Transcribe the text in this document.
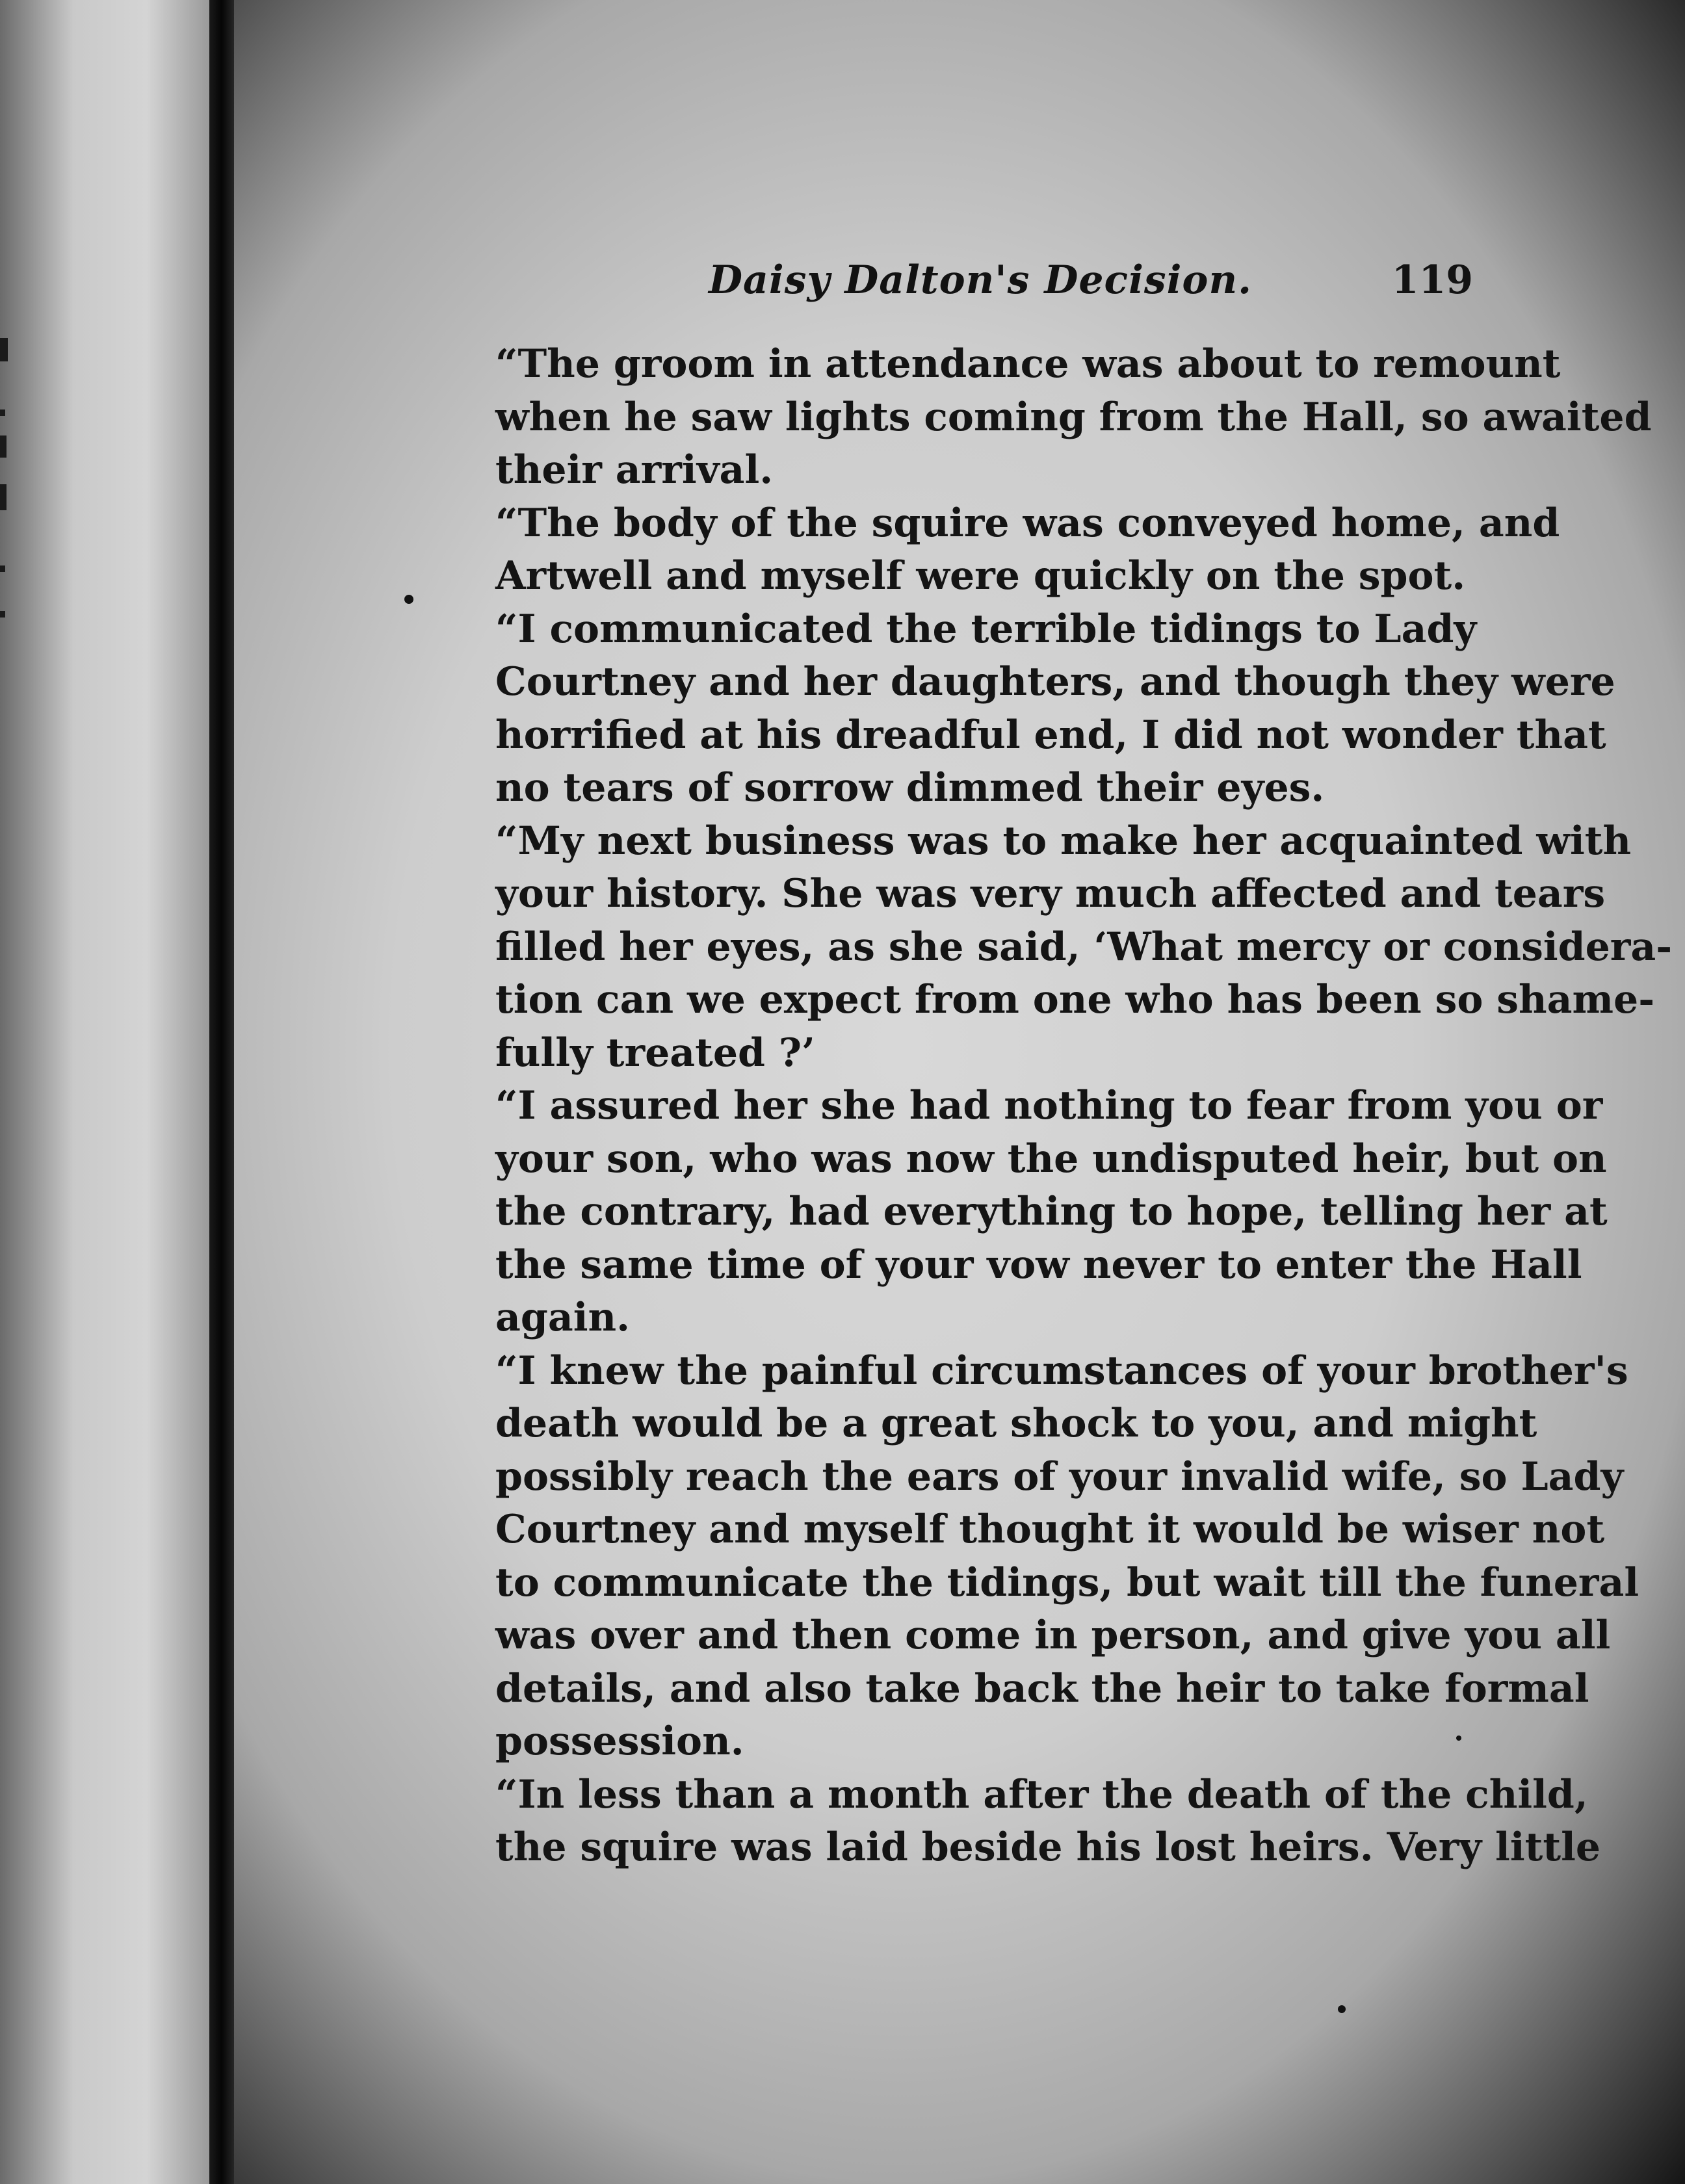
Daisy Dalton's Decision.	119

“The groom in attendance was about to remount
when he saw lights coming from the Hall, so awaited
their arrival.

“The body of the squire was conveyed home, and
Artwell and myself were quickly on the spot.

“I communicated the terrible tidings to Lady
Courtney and her daughters, and though they were
horrified at his dreadful end, I did not wonder that
no tears of sorrow dimmed their eyes.

“My next business was to make her acquainted with
your history. She was very much affected and tears
filled her eyes, as she said, ‘What mercy or considera-
tion can we expect from one who has been so shame-
fully treated ?’

“I assured her she had nothing to fear from you or
your son, who was now the undisputed heir, but on
the contrary, had everything to hope, telling her at
the same time of your vow never to enter the Hall
again.

“I knew the painful circumstances of your brother's
death would be a great shock to you, and might
possibly reach the ears of your invalid wife, so Lady
Courtney and myself thought it would be wiser not
to communicate the tidings, but wait till the funeral
was over and then come in person, and give you all
details, and also take back the heir to take formal
possession.

“In less than a month after the death of the child,
the squire was laid beside his lost heirs. Very little
